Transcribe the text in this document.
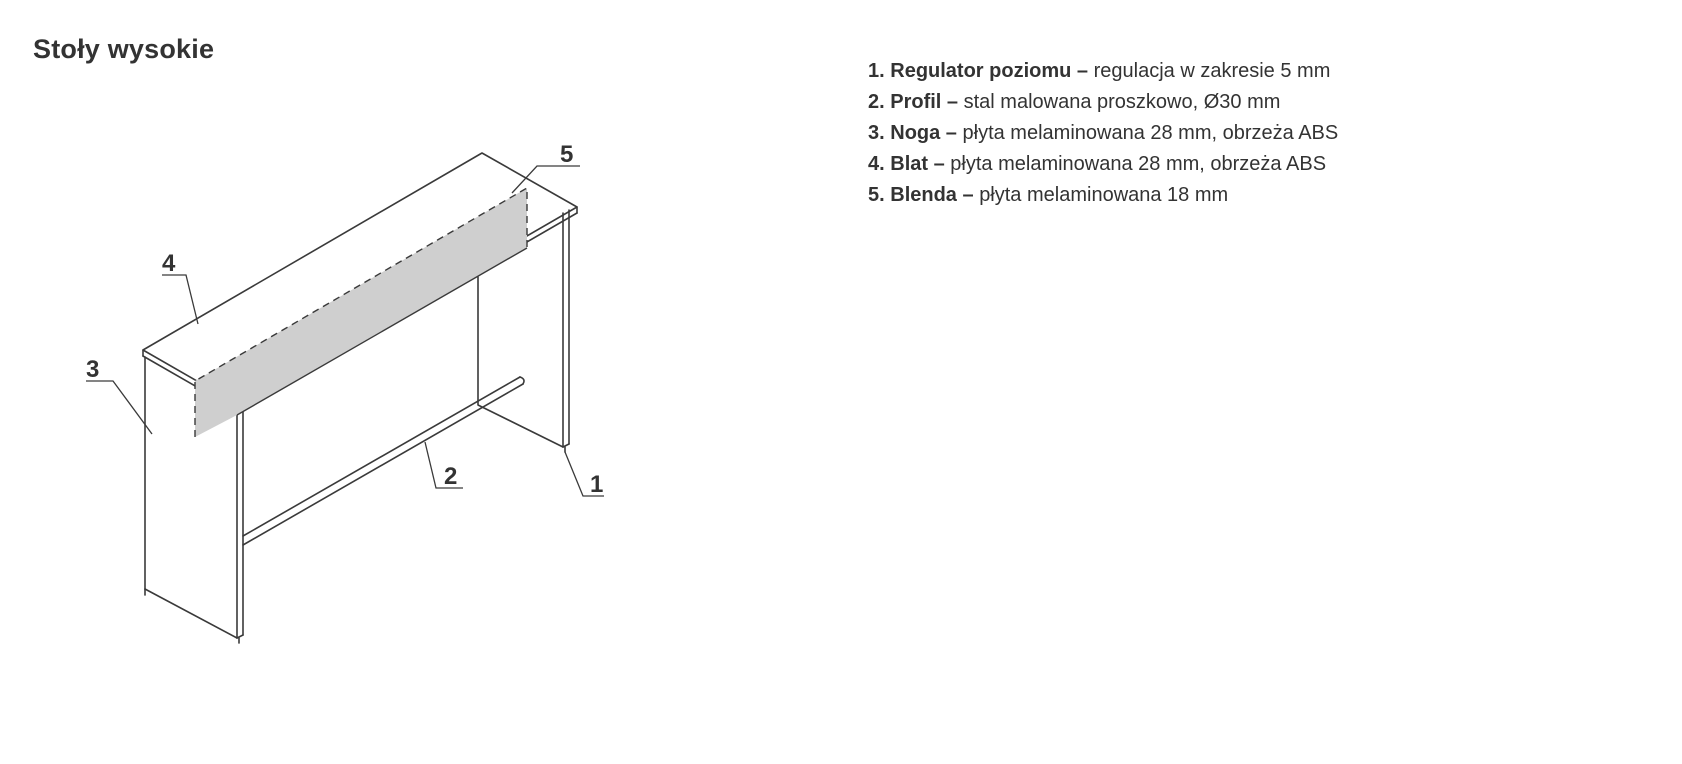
Stoły wysokie
1
2
3
4
5
1. Regulator poziomu – regulacja w zakresie 5 mm
2. Profil – stal malowana proszkowo, Ø30 mm
3. Noga – płyta melaminowana 28 mm, obrzeża ABS
4. Blat – płyta melaminowana 28 mm, obrzeża ABS
5. Blenda – płyta melaminowana 18 mm
